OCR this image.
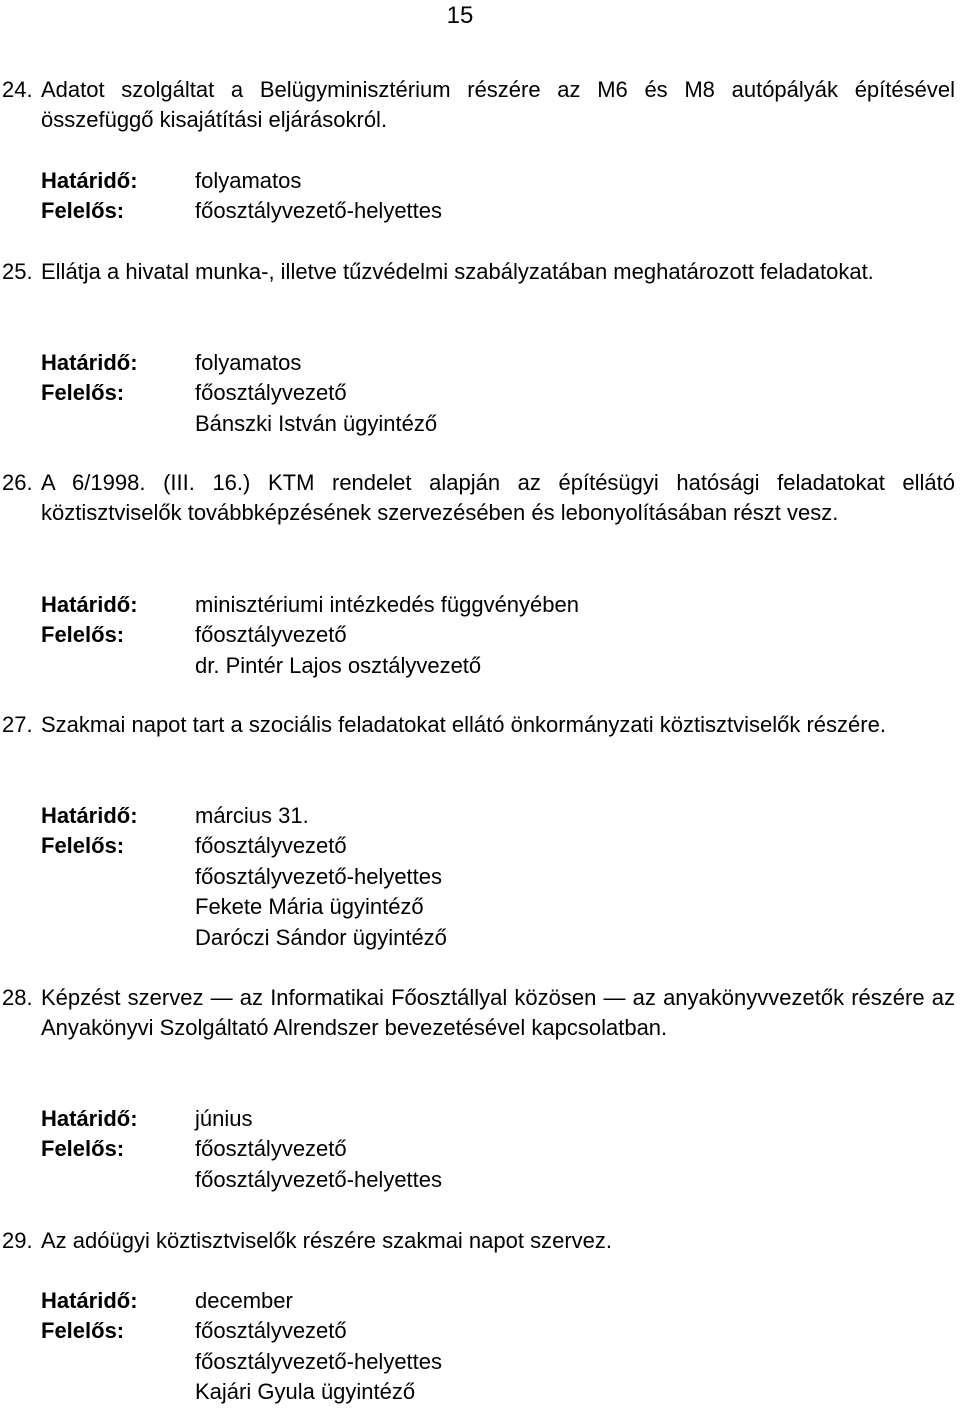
15
24. Adatot szolgáltat a Belügyminisztérium részére az M6 és M8 autópályák építésével összefüggő kisajátítási eljárásokról.
Határidő:	folyamatos
Felelős:	főosztályvezető-helyettes
25. Ellátja a hivatal munka-, illetve tűzvédelmi szabályzatában meghatározott feladatokat.
Határidő:	folyamatos
Felelős:	főosztályvezető
Bánszki István ügyintéző
26. A 6/1998. (III. 16.) KTM rendelet alapján az építésügyi hatósági feladatokat ellátó köztisztviselők továbbképzésének szervezésében és lebonyolításában részt vesz.
Határidő:	minisztériumi intézkedés függvényében
Felelős:	főosztályvezető
dr. Pintér Lajos osztályvezető
27. Szakmai napot tart a szociális feladatokat ellátó önkormányzati köztisztviselők részére.
Határidő:	március 31.
Felelős:	főosztályvezető
főosztályvezető-helyettes
Fekete Mária ügyintéző
Daróczi Sándor ügyintéző
28. Képzést szervez — az Informatikai Főosztállyal közösen — az anyakönyvvezetők részére az Anyakönyvi Szolgáltató Alrendszer bevezetésével kapcsolatban.
Határidő:	június
Felelős:	főosztályvezető
főosztályvezető-helyettes
29. Az adóügyi köztisztviselők részére szakmai napot szervez.
Határidő:	december
Felelős:	főosztályvezető
főosztályvezető-helyettes
Kajári Gyula ügyintéző
